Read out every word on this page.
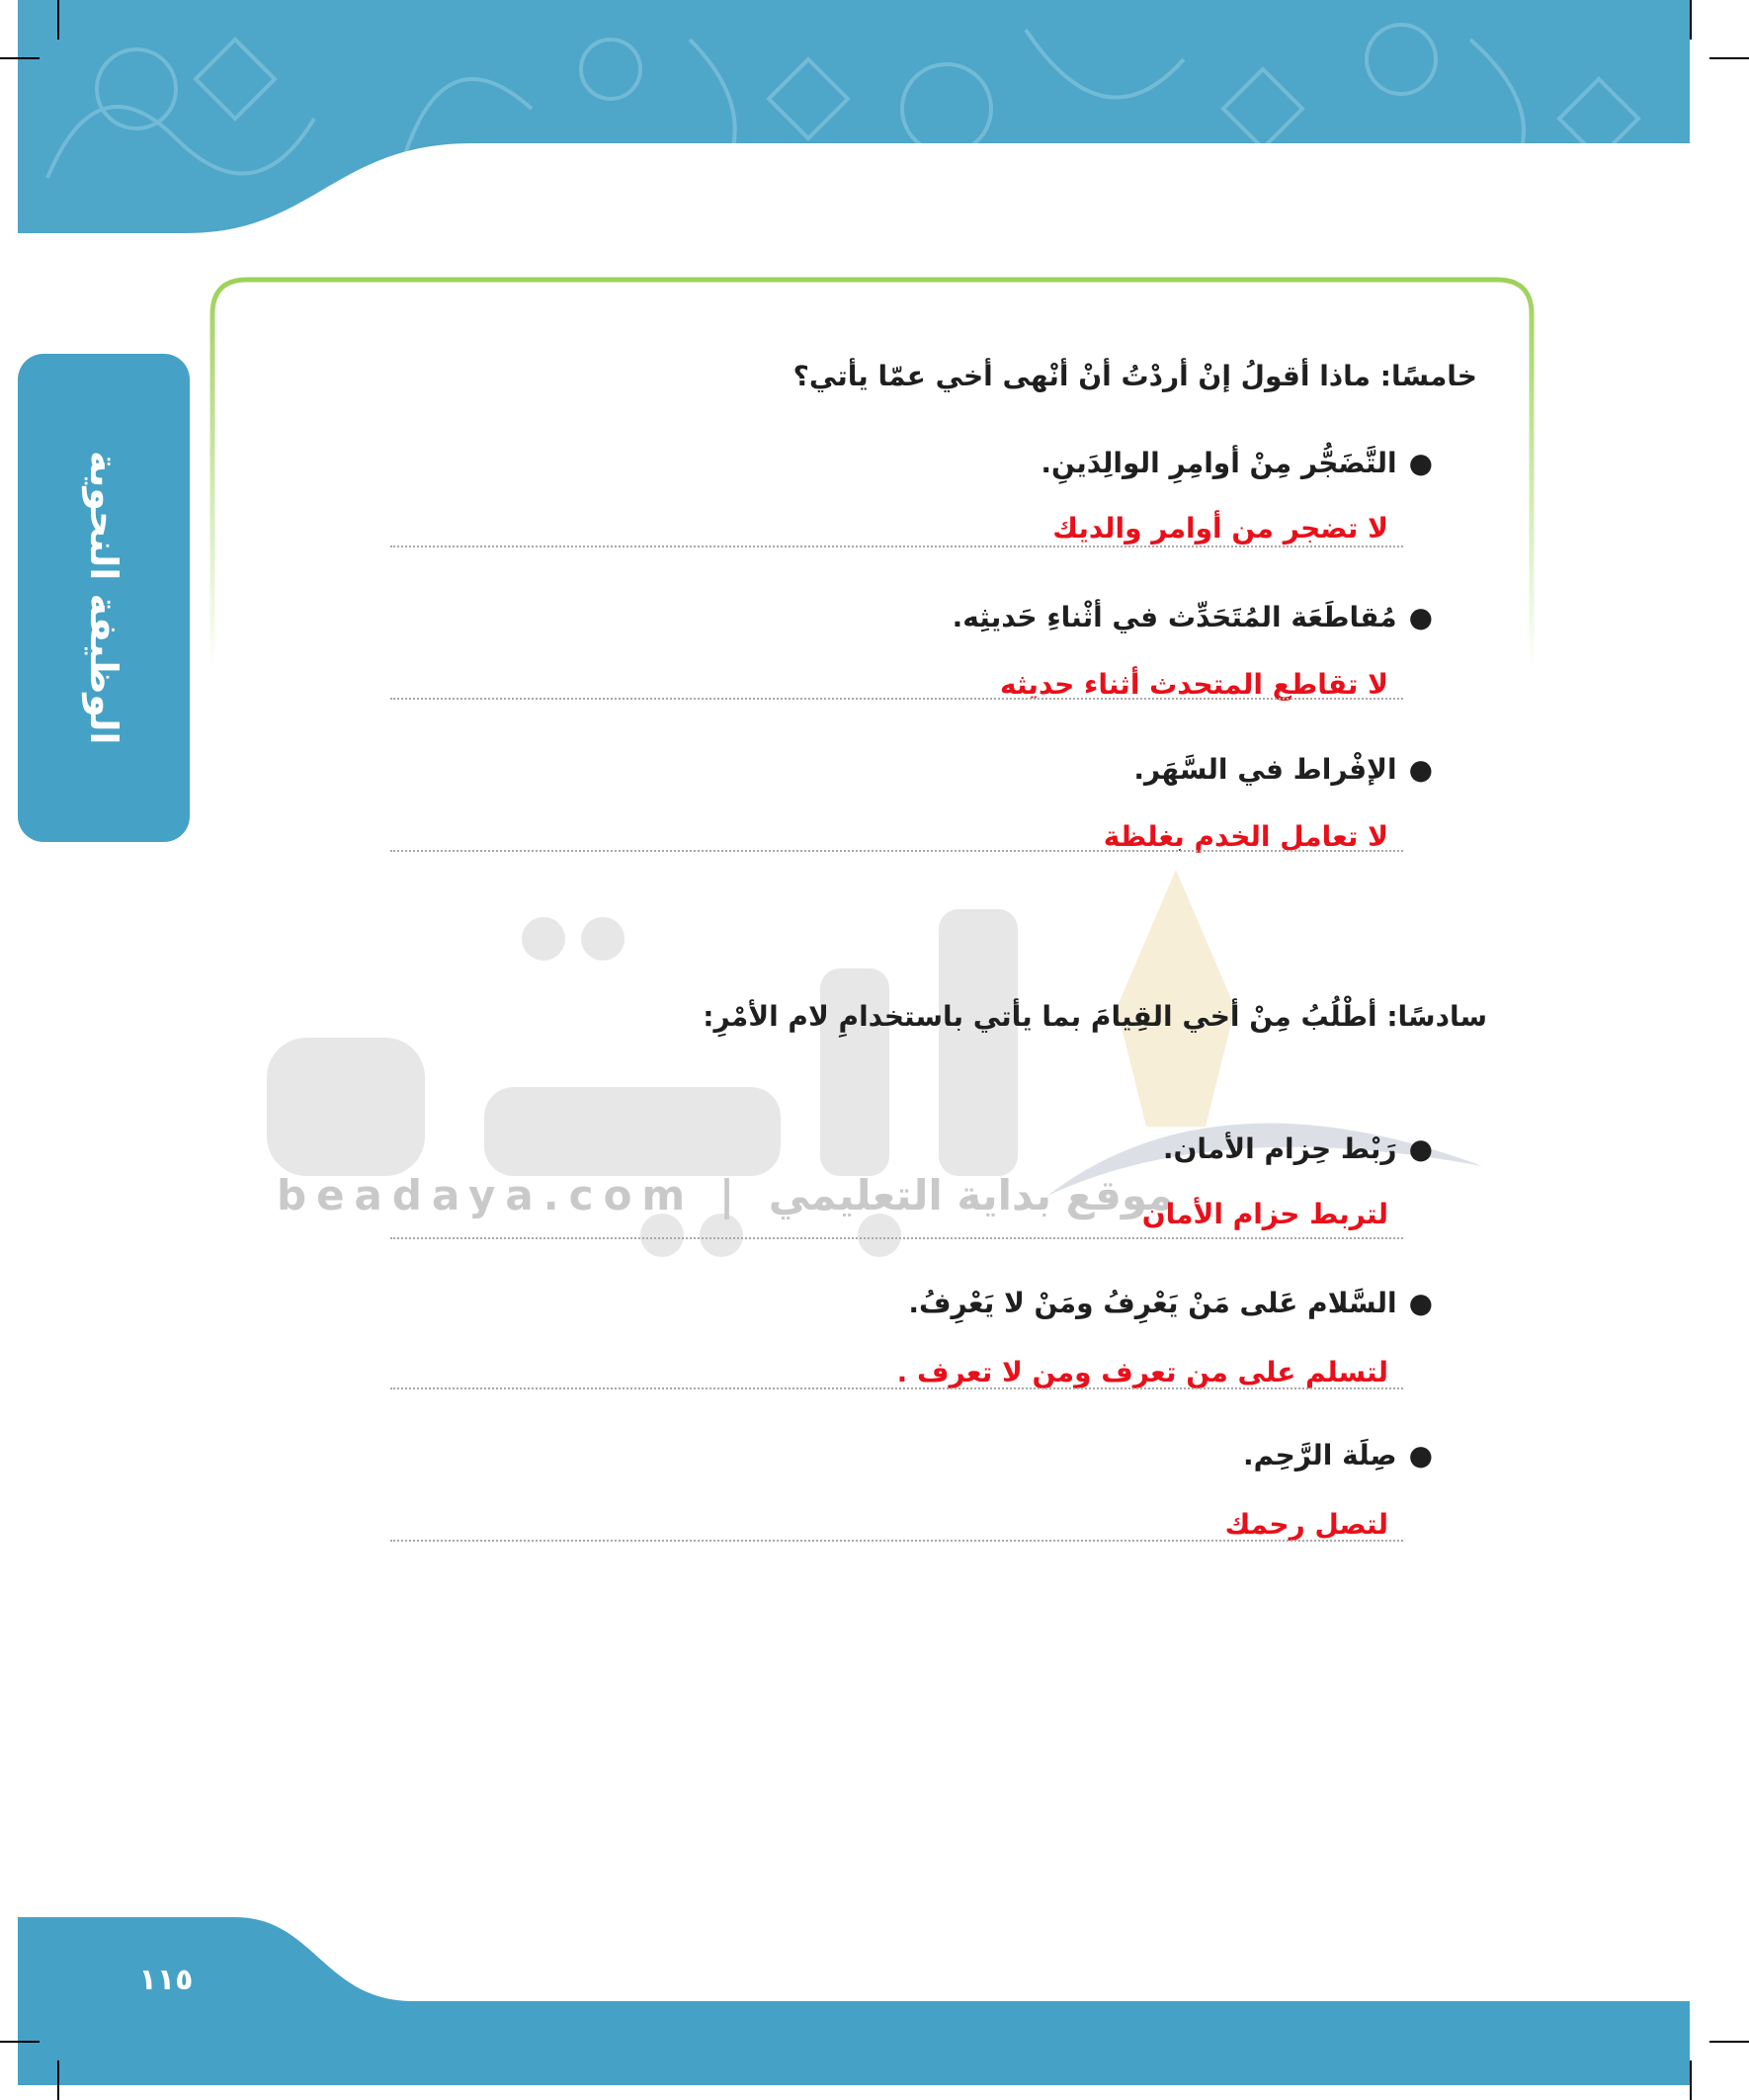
الوظيفة النحوية
beadaya.com | موقع بداية التعليمي
خامسًا: ماذا أقولُ إنْ أردْتُ أنْ أنْهى أخي عمّا يأتي؟
●التَّضَجُّر مِنْ أوامِرِ الوالِدَينِ.
لا تضجر من أوامر والديك
●مُقاطَعَة المُتَحَدِّث في أثْناءِ حَديثِه.
لا تقاطع المتحدث أثناء حديثه
●الإفْراط في السَّهَر.
لا تعامل الخدم بغلظة
سادسًا: أطْلُبُ مِنْ أخي القِيامَ بما يأتي باستخدامِ لام الأمْرِ:
●رَبْط حِزام الأمان.
لتربط حزام الأمان
●السَّلام عَلى مَنْ يَعْرِفُ ومَنْ لا يَعْرِفُ.
لتسلم على من تعرف ومن لا تعرف .
●صِلَة الرَّحِم.
لتصل رحمك
١١٥
